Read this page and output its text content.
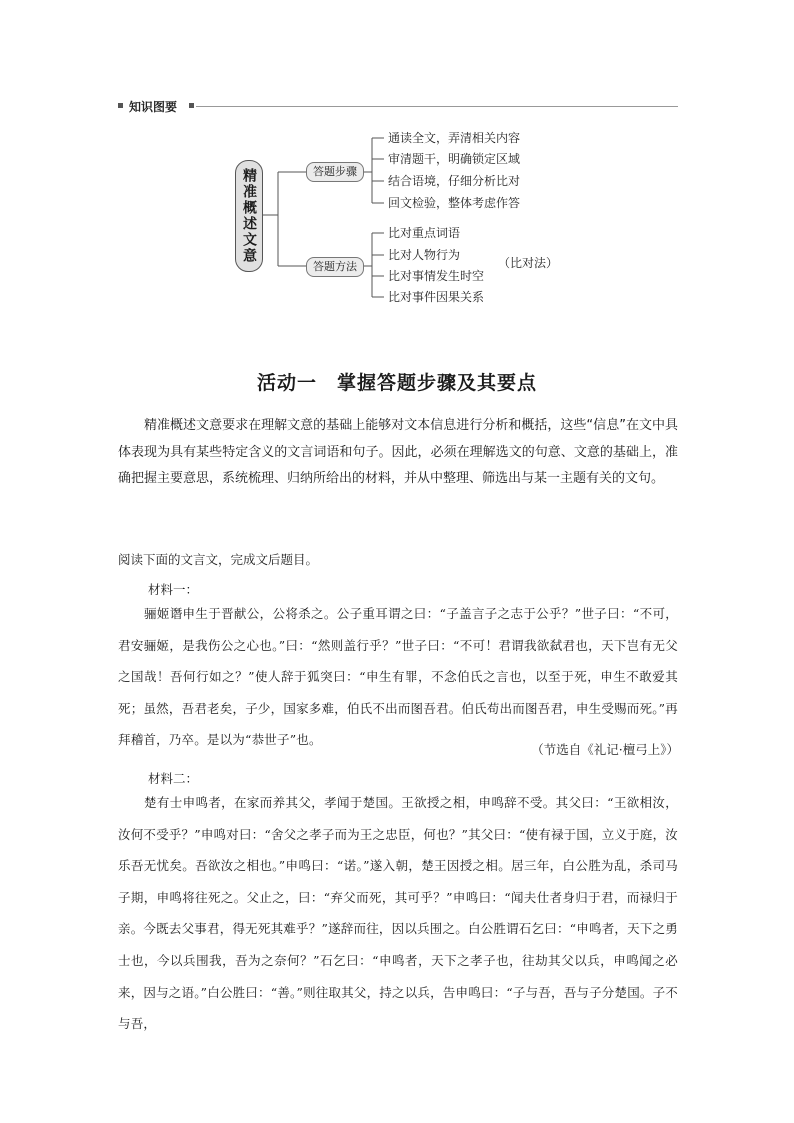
知识图要
精准概述文意	答题步骤
答题方法
通读全文，弄清相关内容
审清题干，明确锁定区域
结合语境，仔细分析比对
回文检验，整体考虑作答
比对重点词语
比对人物行为
比对事情发生时空
比对事件因果关系
（比对法）
活动一　掌握答题步骤及其要点
精准概述文意要求在理解文意的基础上能够对文本信息进行分析和概括，这些“信息”在文中具体表现为具有某些特定含义的文言词语和句子。因此，必须在理解选文的句意、文意的基础上，准确把握主要意思，系统梳理、归纳所给出的材料，并从中整理、筛选出与某一主题有关的文句。
阅读下面的文言文，完成文后题目。
材料一：
骊姬谮申生于晋献公，公将杀之。公子重耳谓之曰：“子盖言子之志于公乎？”世子曰：“不可，君安骊姬，是我伤公之心也。”曰：“然则盖行乎？”世子曰：“不可！君谓我欲弑君也，天下岂有无父之国哉！吾何行如之？”使人辞于狐突曰：“申生有罪，不念伯氏之言也，以至于死，申生不敢爱其死；虽然，吾君老矣，子少，国家多难，伯氏不出而图吾君。伯氏苟出而图吾君，申生受赐而死。”再拜稽首，乃卒。是以为“恭世子”也。
（节选自《礼记·檀弓上》）
材料二：
楚有士申鸣者，在家而养其父，孝闻于楚国。王欲授之相，申鸣辞不受。其父曰：“王欲相汝，汝何不受乎？”申鸣对曰：“舍父之孝子而为王之忠臣，何也？”其父曰：“使有禄于国，立义于庭，汝乐吾无忧矣。吾欲汝之相也。”申鸣曰：“诺。”遂入朝，楚王因授之相。居三年，白公胜为乱，杀司马子期，申鸣将往死之。父止之，曰：“弃父而死，其可乎？”申鸣曰：“闻夫仕者身归于君，而禄归于亲。今既去父事君，得无死其难乎？”遂辞而往，因以兵围之。白公胜谓石乞曰：“申鸣者，天下之勇士也，今以兵围我，吾为之奈何？”石乞曰：“申鸣者，天下之孝子也，往劫其父以兵，申鸣闻之必来，因与之语。”白公胜曰：“善。”则往取其父，持之以兵，告申鸣曰：“子与吾，吾与子分楚国。子不与吾，
